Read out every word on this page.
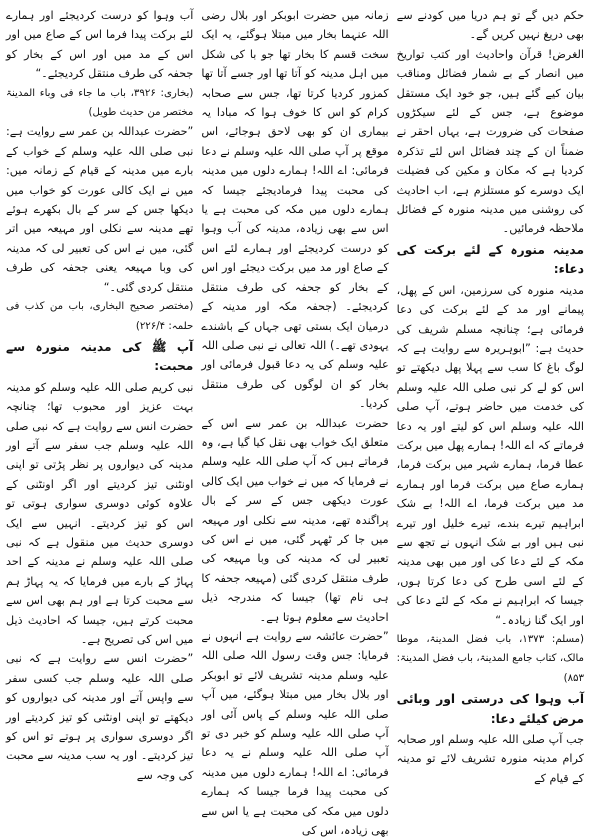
حکم دیں گے تو ہم دریا میں کودنے سے بھی دریغ نہیں کریں گے۔

الغرض! قرآن واحادیث اور کتب تواریخ میں انصار کے بے شمار فضائل ومناقب بیان کیے گئے ہیں، جو خود ایک مستقل موضوع ہے، جس کے لئے سیکڑوں صفحات کی ضرورت ہے، یہاں احقر نے ضمناً ان کے چند فضائل اس لئے تذکرہ کردیا ہے کہ مکان و مکین کی فضیلت ایک دوسرے کو مستلزم ہے، اب احادیث کی روشنی میں مدینہ منورہ کے فضائل ملاحظہ فرمائیں۔

مدینہ منورہ کے لئے برکت کی دعاء:

مدینہ منورہ کی سرزمین، اس کے پھل، پیمانے اور مد کے لئے برکت کی دعا فرمائی ہے؛ چنانچہ مسلم شریف کی حدیث ہے: ”ابوہریرہ سے روایت ہے کہ لوگ باغ کا سب سے پہلا پھل دیکھتے تو اس کو لے کر نبی صلی اللہ علیہ وسلم کی خدمت میں حاضر ہوتے، آپ صلی اللہ علیہ وسلم اس کو لیتے اور یہ دعا فرماتے کہ اے اللہ! ہمارے پھل میں برکت عطا فرما، ہمارے شہر میں برکت فرما، ہمارے صاع میں برکت فرما اور ہمارے مد میں برکت فرما، اے اللہ! بے شک ابراہیم تیرے بندے، تیرے خلیل اور تیرے نبی ہیں اور بے شک انہوں نے تجھ سے مکہ کے لئے دعا کی اور میں بھی مدینہ کے لئے اسی طرح کی دعا کرتا ہوں، جیسا کہ ابراہیم نے مکہ کے لئے دعا کی اور ایک گنا زیادہ۔“

(مسلم: ۱۳۷۳، باب فضل المدینۃ، موطا مالک، کتاب جامع المدینۃ، باب فضل المدینۃ: ۸۵۳)

آب وہوا کی درستی اور وبائی مرض کیلئے دعا:

جب آپ صلی اللہ علیہ وسلم اور صحابہ کرام مدینہ منورہ تشریف لائے تو مدینہ کے قیام کے

زمانہ میں حضرت ابوبکر اور بلال رضی اللہ عنہما بخار میں مبتلا ہوگئے، یہ ایک سخت قسم کا بخار تھا جو با کی شکل میں اہل مدینہ کو آتا تھا اور جسے آتا تھا کمزور کردیا کرتا تھا، جس سے صحابہ کرام کو اس کا خوف ہوا کہ مبادا یہ بیماری ان کو بھی لاحق ہوجائے، اس موقع پر آپ صلی اللہ علیہ وسلم نے دعا فرمائی: اے اللہ! ہمارے دلوں میں مدینہ کی محبت پیدا فرمادیجئے جیسا کہ ہمارے دلوں میں مکہ کی محبت ہے یا اس سے بھی زیادہ، مدینہ کی آب وہوا کو درست کردیجئے اور ہمارے لئے اس کے صاع اور مد میں برکت دیجئے اور اس کے بخار کو جحفہ کی طرف منتقل کردیجئے۔ (جحفہ مکہ اور مدینہ کے درمیان ایک بستی تھی جہاں کے باشندے یہودی تھے۔) اللہ تعالی نے نبی صلی اللہ علیہ وسلم کی یہ دعا قبول فرمائی اور بخار کو ان لوگوں کی طرف منتقل کردیا۔

حضرت عبداللہ بن عمر سے اس کے متعلق ایک خواب بھی نقل کیا گیا ہے، وہ فرماتے ہیں کہ آپ صلی اللہ علیہ وسلم نے فرمایا کہ میں نے خواب میں ایک کالی عورت دیکھی جس کے سر کے بال پراگندہ تھے، مدینہ سے نکلی اور مہیعہ میں جا کر ٹھہر گئی، میں نے اس کی تعبیر لی کہ مدینہ کی وبا مہیعہ کی طرف منتقل کردی گئی (مہیعہ جحفہ کا ہی نام تھا) جیسا کہ مندرجہ ذیل احادیث سے معلوم ہوتا ہے۔

”حضرت عائشہ سے روایت ہے انہوں نے فرمایا: جس وقت رسول اللہ صلی اللہ علیہ وسلم مدینہ تشریف لائے تو ابوبکر اور بلال بخار میں مبتلا ہوگئے، میں آپ صلی اللہ علیہ وسلم کے پاس آئی اور آپ صلی اللہ علیہ وسلم کو خبر دی تو آپ صلی اللہ علیہ وسلم نے یہ دعا فرمائی: اے اللہ! ہمارے دلوں میں مدینہ کی محبت پیدا فرما جیسا کہ ہمارے دلوں میں مکہ کی محبت ہے یا اس سے بھی زیادہ، اس کی

آب وہوا کو درست کردیجئے اور ہمارے لئے برکت پیدا فرما اس کے صاع میں اور اس کے مد میں اور اس کے بخار کو جحفہ کی طرف منتقل کردیجئے۔“

(بخاری: ۳۹۲۶، باب ما جاء فی وباء المدینۃ مختصر من حدیث طویل)

”حضرت عبداللہ بن عمر سے روایت ہے: نبی صلی اللہ علیہ وسلم کے خواب کے بارے میں مدینہ کے قیام کے زمانہ میں: میں نے ایک کالی عورت کو خواب میں دیکھا جس کے سر کے بال بکھرے ہوئے تھے مدینہ سے نکلی اور مہیعہ میں اتر گئی، میں نے اس کی تعبیر لی کہ مدینہ کی وبا مہیعہ یعنی جحفہ کی طرف منتقل کردی گئی۔“

(مختصر صحیح البخاری، باب من کذب فی حلمہ: ۲۲۶/۴)

آپ ﷺ کی مدینہ منورہ سے محبت:

نبی کریم صلی اللہ علیہ وسلم کو مدینہ بہت عزیز اور محبوب تھا؛ چنانچہ حضرت انس سے روایت ہے کہ نبی صلی اللہ علیہ وسلم جب سفر سے آتے اور مدینہ کی دیواروں پر نظر پڑتی تو اپنی اونٹنی تیز کردیتے اور اگر اونٹنی کے علاوہ کوئی دوسری سواری ہوتی تو اس کو تیز کردیتے۔ انہیں سے ایک دوسری حدیث میں منقول ہے کہ نبی صلی اللہ علیہ وسلم نے مدینہ کے احد پہاڑ کے بارے میں فرمایا کہ یہ پہاڑ ہم سے محبت کرتا ہے اور ہم بھی اس سے محبت کرتے ہیں، جیسا کہ احادیث ذیل میں اس کی تصریح ہے۔

”حضرت انس سے روایت ہے کہ نبی صلی اللہ علیہ وسلم جب کسی سفر سے واپس آتے اور مدینہ کی دیواروں کو دیکھتے تو اپنی اونٹنی کو تیز کردیتے اور اگر دوسری سواری پر ہوتے تو اس کو تیز کردیتے۔ اور یہ سب مدینہ سے محبت کی وجہ سے
